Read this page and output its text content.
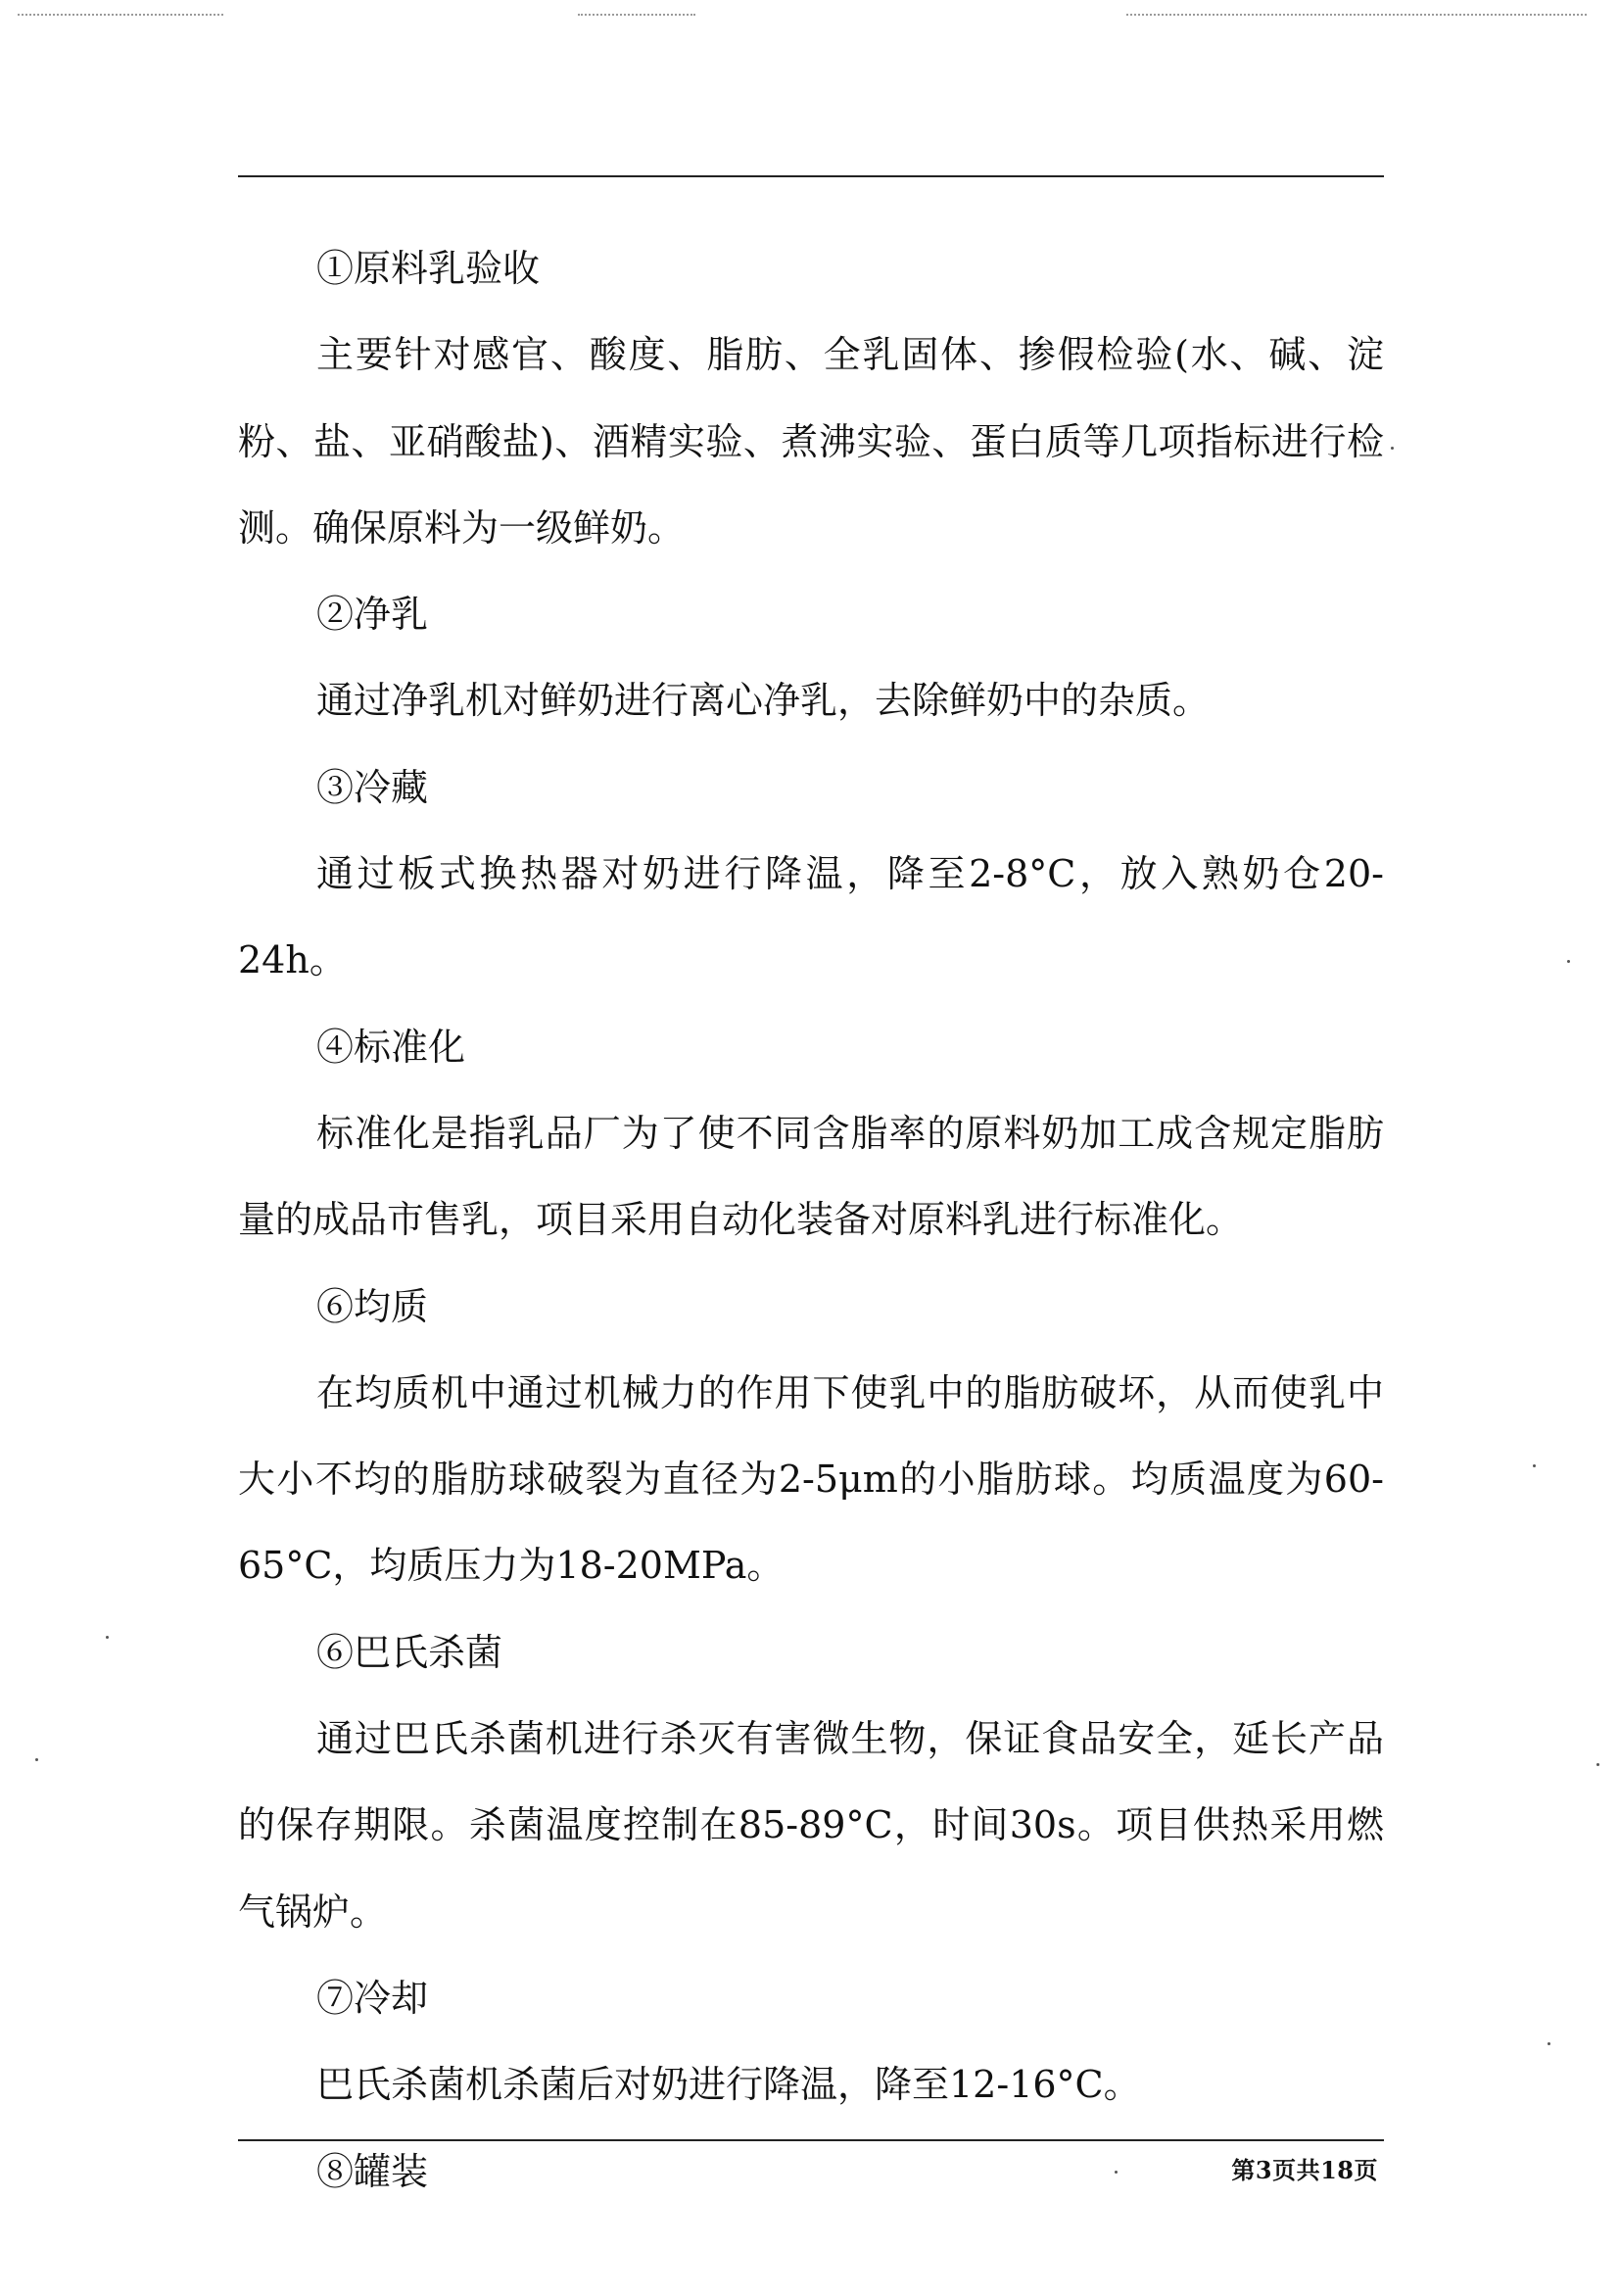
①原料乳验收

主要针对感官、酸度、脂肪、全乳固体、掺假检验(水、碱、淀粉、盐、亚硝酸盐)、酒精实验、煮沸实验、蛋白质等几项指标进行检测。确保原料为一级鲜奶。

②净乳

通过净乳机对鲜奶进行离心净乳，去除鲜奶中的杂质。

③冷藏

通过板式换热器对奶进行降温，降至2-8°C，放入熟奶仓20-24h。

④标准化

标准化是指乳品厂为了使不同含脂率的原料奶加工成含规定脂肪量的成品市售乳，项目采用自动化装备对原料乳进行标准化。

⑥均质

在均质机中通过机械力的作用下使乳中的脂肪破坏，从而使乳中大小不均的脂肪球破裂为直径为2-5μm的小脂肪球。均质温度为60-65°C，均质压力为18-20MPa。

⑥巴氏杀菌

通过巴氏杀菌机进行杀灭有害微生物，保证食品安全，延长产品的保存期限。杀菌温度控制在85-89°C，时间30s。项目供热采用燃气锅炉。

⑦冷却

巴氏杀菌机杀菌后对奶进行降温，降至12-16°C。

⑧罐装	第3页共18页
